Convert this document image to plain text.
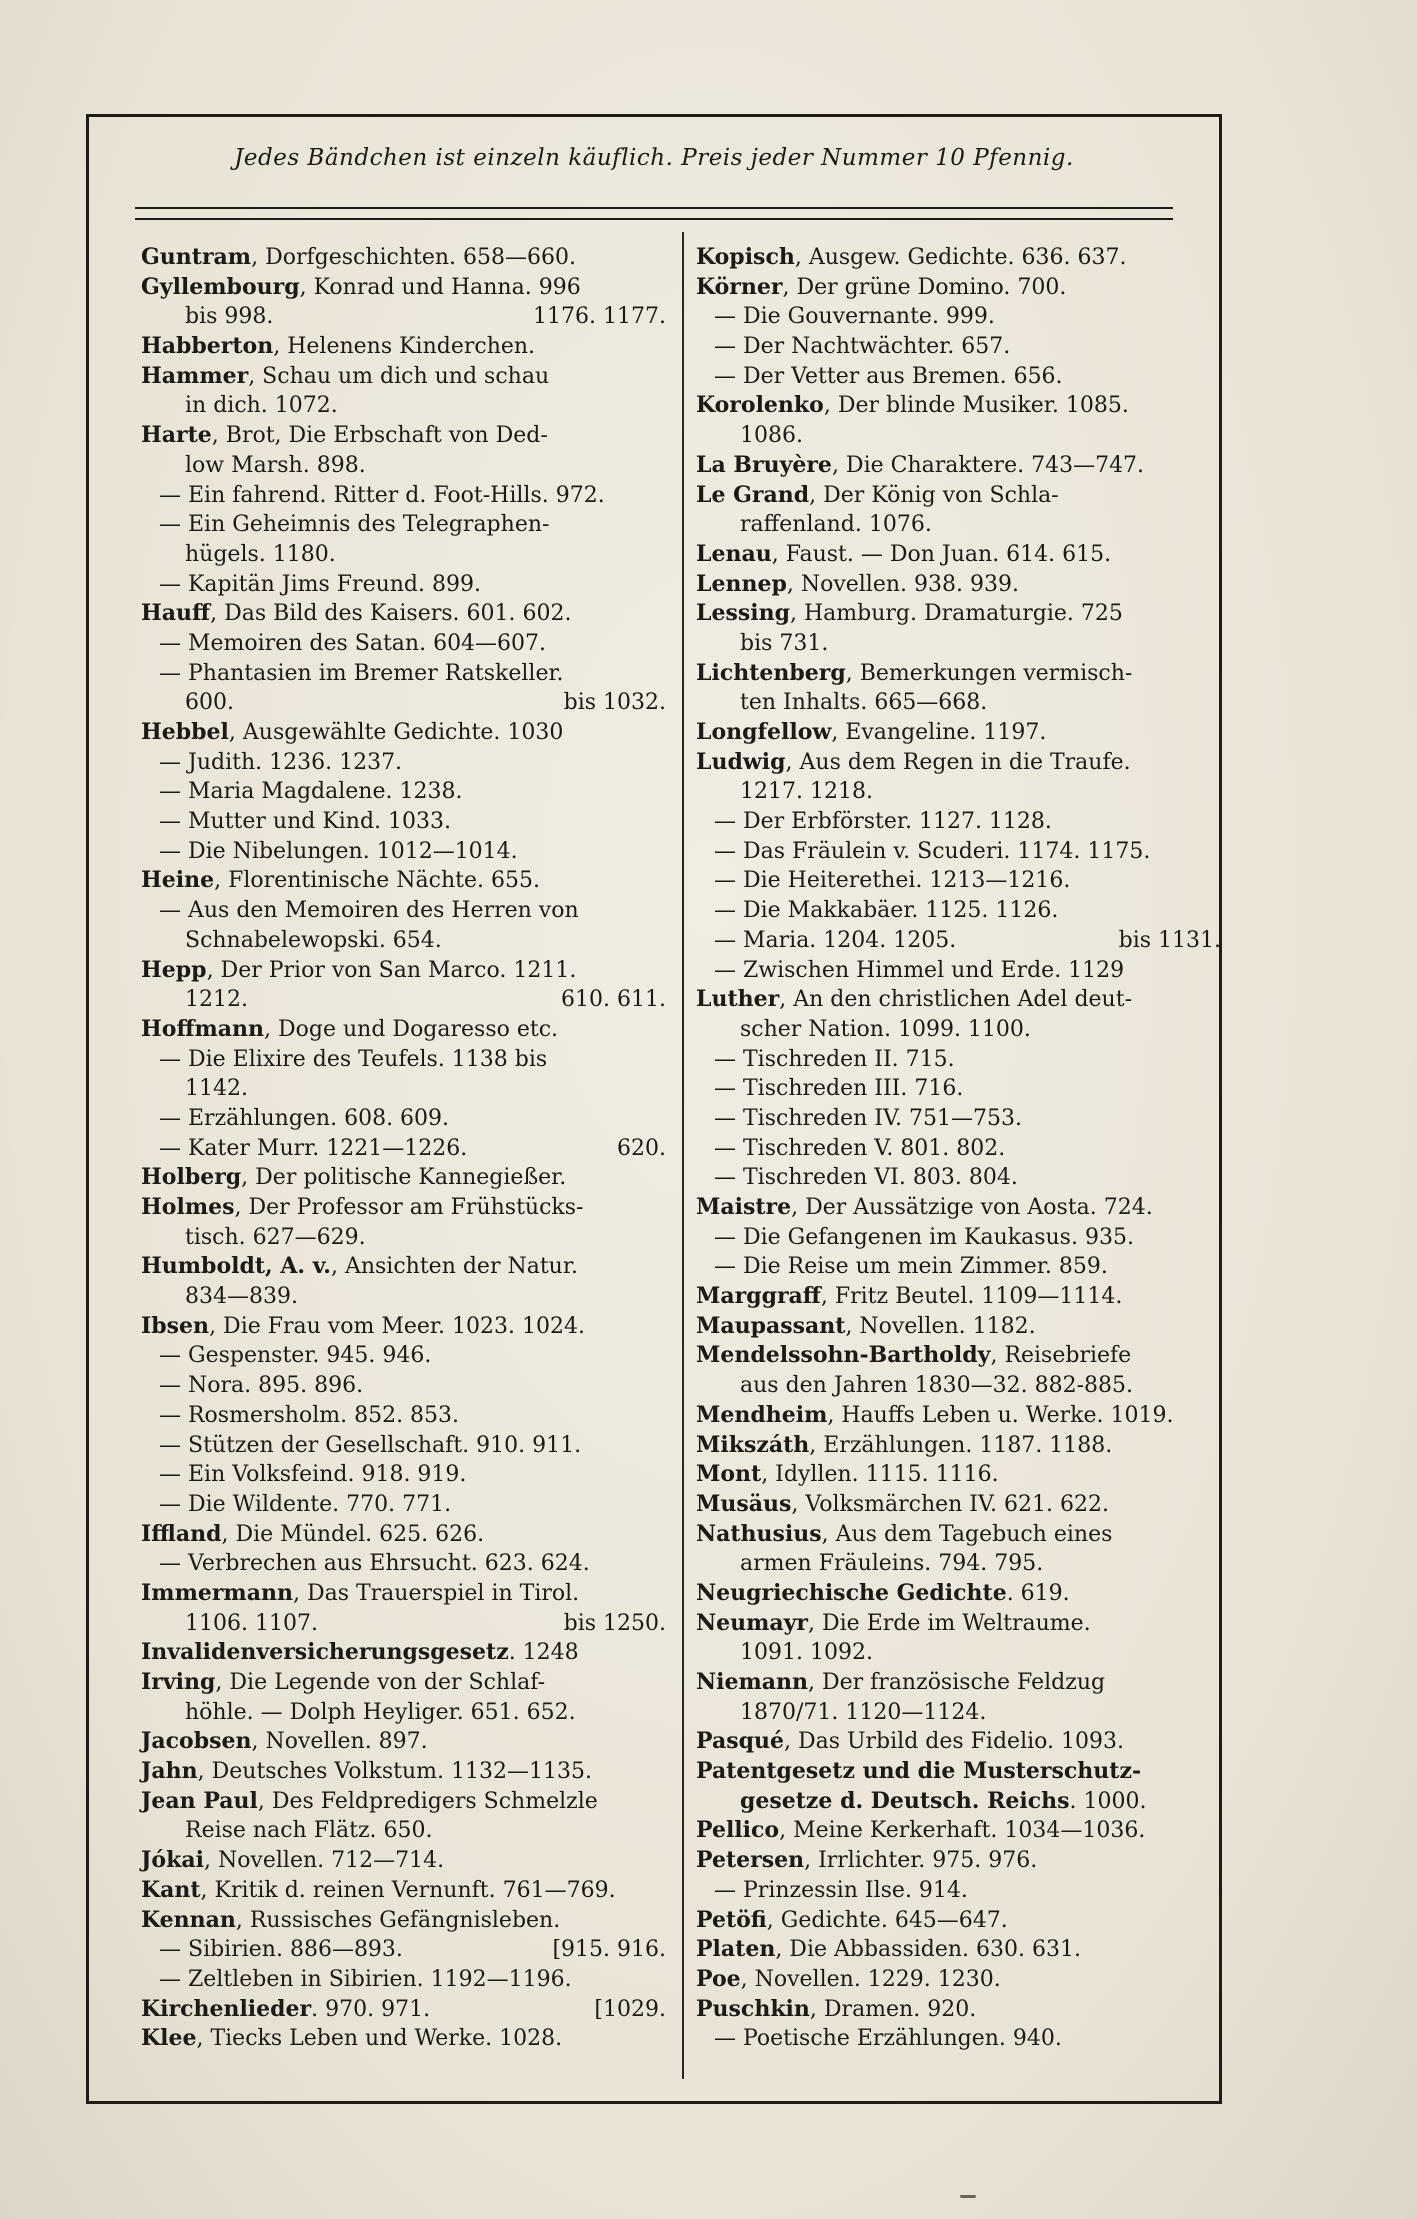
Jedes Bändchen ist einzeln käuflich. Preis jeder Nummer 10 Pfennig.
Guntram, Dorfgeschichten. 658—660.
Gyllembourg, Konrad und Hanna. 996
bis 998.	1176. 1177.
Habberton, Helenens Kinderchen.
Hammer, Schau um dich und schau
in dich. 1072.
Harte, Brot, Die Erbschaft von Ded-
low Marsh. 898.
— Ein fahrend. Ritter d. Foot-Hills. 972.
— Ein Geheimnis des Telegraphen-
hügels. 1180.
— Kapitän Jims Freund. 899.
Hauff, Das Bild des Kaisers. 601. 602.
— Memoiren des Satan. 604—607.
— Phantasien im Bremer Ratskeller.
600.	bis 1032.
Hebbel, Ausgewählte Gedichte. 1030
— Judith. 1236. 1237.
— Maria Magdalene. 1238.
— Mutter und Kind. 1033.
— Die Nibelungen. 1012—1014.
Heine, Florentinische Nächte. 655.
— Aus den Memoiren des Herren von
Schnabelewopski. 654.
Hepp, Der Prior von San Marco. 1211.
1212.	610. 611.
Hoffmann, Doge und Dogaresso etc.
— Die Elixire des Teufels. 1138 bis
1142.
— Erzählungen. 608. 609.
— Kater Murr. 1221—1226.	620.
Holberg, Der politische Kannegießer.
Holmes, Der Professor am Frühstücks-
tisch. 627—629.
Humboldt, A. v., Ansichten der Natur.
834—839.
Ibsen, Die Frau vom Meer. 1023. 1024.
— Gespenster. 945. 946.
— Nora. 895. 896.
— Rosmersholm. 852. 853.
— Stützen der Gesellschaft. 910. 911.
— Ein Volksfeind. 918. 919.
— Die Wildente. 770. 771.
Iffland, Die Mündel. 625. 626.
— Verbrechen aus Ehrsucht. 623. 624.
Immermann, Das Trauerspiel in Tirol.
1106. 1107.	bis 1250.
Invalidenversicherungsgesetz. 1248
Irving, Die Legende von der Schlaf-
höhle. — Dolph Heyliger. 651. 652.
Jacobsen, Novellen. 897.
Jahn, Deutsches Volkstum. 1132—1135.
Jean Paul, Des Feldpredigers Schmelzle
Reise nach Flätz. 650.
Jókai, Novellen. 712—714.
Kant, Kritik d. reinen Vernunft. 761—769.
Kennan, Russisches Gefängnisleben.
— Sibirien. 886—893.	[915. 916.
— Zeltleben in Sibirien. 1192—1196.
Kirchenlieder. 970. 971.	[1029.
Klee, Tiecks Leben und Werke. 1028.
Kopisch, Ausgew. Gedichte. 636. 637.
Körner, Der grüne Domino. 700.
— Die Gouvernante. 999.
— Der Nachtwächter. 657.
— Der Vetter aus Bremen. 656.
Korolenko, Der blinde Musiker. 1085.
1086.
La Bruyère, Die Charaktere. 743—747.
Le Grand, Der König von Schla-
raffenland. 1076.
Lenau, Faust. — Don Juan. 614. 615.
Lennep, Novellen. 938. 939.
Lessing, Hamburg. Dramaturgie. 725
bis 731.
Lichtenberg, Bemerkungen vermisch-
ten Inhalts. 665—668.
Longfellow, Evangeline. 1197.
Ludwig, Aus dem Regen in die Traufe.
1217. 1218.
— Der Erbförster. 1127. 1128.
— Das Fräulein v. Scuderi. 1174. 1175.
— Die Heiterethei. 1213—1216.
— Die Makkabäer. 1125. 1126.
— Maria. 1204. 1205.	bis 1131.
— Zwischen Himmel und Erde. 1129
Luther, An den christlichen Adel deut-
scher Nation. 1099. 1100.
— Tischreden II. 715.
— Tischreden III. 716.
— Tischreden IV. 751—753.
— Tischreden V. 801. 802.
— Tischreden VI. 803. 804.
Maistre, Der Aussätzige von Aosta. 724.
— Die Gefangenen im Kaukasus. 935.
— Die Reise um mein Zimmer. 859.
Marggraff, Fritz Beutel. 1109—1114.
Maupassant, Novellen. 1182.
Mendelssohn-Bartholdy, Reisebriefe
aus den Jahren 1830—32. 882-885.
Mendheim, Hauffs Leben u. Werke. 1019.
Mikszáth, Erzählungen. 1187. 1188.
Mont, Idyllen. 1115. 1116.
Musäus, Volksmärchen IV. 621. 622.
Nathusius, Aus dem Tagebuch eines
armen Fräuleins. 794. 795.
Neugriechische Gedichte. 619.
Neumayr, Die Erde im Weltraume.
1091. 1092.
Niemann, Der französische Feldzug
1870/71. 1120—1124.
Pasqué, Das Urbild des Fidelio. 1093.
Patentgesetz und die Musterschutz-
gesetze d. Deutsch. Reichs. 1000.
Pellico, Meine Kerkerhaft. 1034—1036.
Petersen, Irrlichter. 975. 976.
— Prinzessin Ilse. 914.
Petöfi, Gedichte. 645—647.
Platen, Die Abbassiden. 630. 631.
Poe, Novellen. 1229. 1230.
Puschkin, Dramen. 920.
— Poetische Erzählungen. 940.
